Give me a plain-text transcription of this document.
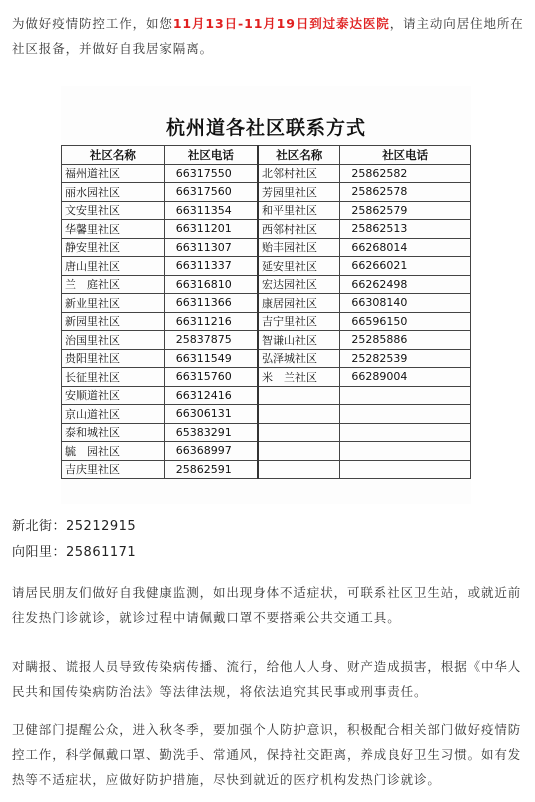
为做好疫情防控工作，如您11月13日-11月19日到过泰达医院，请主动向居住地所在社区报备，并做好自我居家隔离。
杭州道各社区联系方式
社区名称	社区电话	社区名称	社区电话
福州道社区	66317550	北邻村社区	25862582
丽水园社区	66317560	芳园里社区	25862578
文安里社区	66311354	和平里社区	25862579
华馨里社区	66311201	西邻村社区	25862513
静安里社区	66311307	贻丰园社区	66268014
唐山里社区	66311337	延安里社区	66266021
兰　庭社区	66316810	宏达园社区	66262498
新业里社区	66311366	康居园社区	66308140
新园里社区	66311216	吉宁里社区	66596150
治国里社区	25837875	智谦山社区	25285886
贵阳里社区	66311549	弘泽城社区	25282539
长征里社区	66315760	米　兰社区	66289004
安顺道社区	66312416		
京山道社区	66306131		
泰和城社区	65383291		
毓　园社区	66368997		
吉庆里社区	25862591		
新北街：25212915
向阳里：25861171
请居民朋友们做好自我健康监测，如出现身体不适症状，可联系社区卫生站，或就近前往发热门诊就诊，就诊过程中请佩戴口罩不要搭乘公共交通工具。
对瞒报、谎报人员导致传染病传播、流行，给他人人身、财产造成损害，根据《中华人民共和国传染病防治法》等法律法规，将依法追究其民事或刑事责任。
卫健部门提醒公众，进入秋冬季，要加强个人防护意识，积极配合相关部门做好疫情防控工作，科学佩戴口罩、勤洗手、常通风，保持社交距离，养成良好卫生习惯。如有发热等不适症状，应做好防护措施，尽快到就近的医疗机构发热门诊就诊。
